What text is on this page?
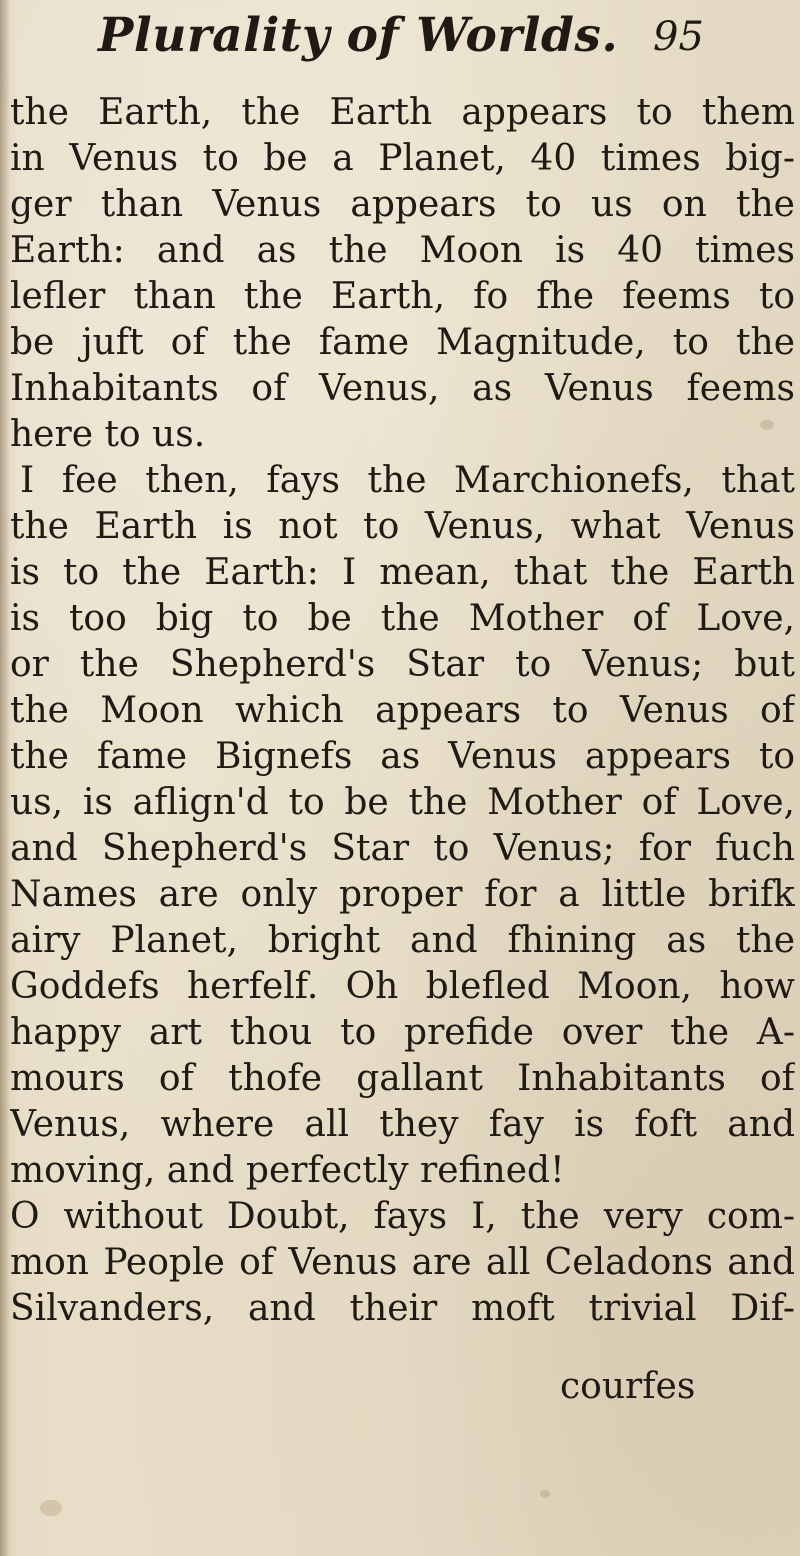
Plurality of Worlds. 95
the Earth, the Earth appears to them
in Venus to be a Planet, 40 times big-
ger than Venus appears to us on the
Earth: and as the Moon is 40 times
lefler than the Earth, fo fhe feems to
be juft of the fame Magnitude, to the
Inhabitants of Venus, as Venus feems
here to us.
I fee then, fays the Marchionefs, that
the Earth is not to Venus, what Venus
is to the Earth: I mean, that the Earth
is too big to be the Mother of Love,
or the Shepherd's Star to Venus; but
the Moon which appears to Venus of
the fame Bignefs as Venus appears to
us, is aflign'd to be the Mother of Love,
and Shepherd's Star to Venus; for fuch
Names are only proper for a little brifk
airy Planet, bright and fhining as the
Goddefs herfelf. Oh blefled Moon, how
happy art thou to prefide over the A-
mours of thofe gallant Inhabitants of
Venus, where all they fay is foft and
moving, and perfectly refined!
O without Doubt, fays I, the very com-
mon People of Venus are all Celadons and
Silvanders, and their moft trivial Dif-
courfes
